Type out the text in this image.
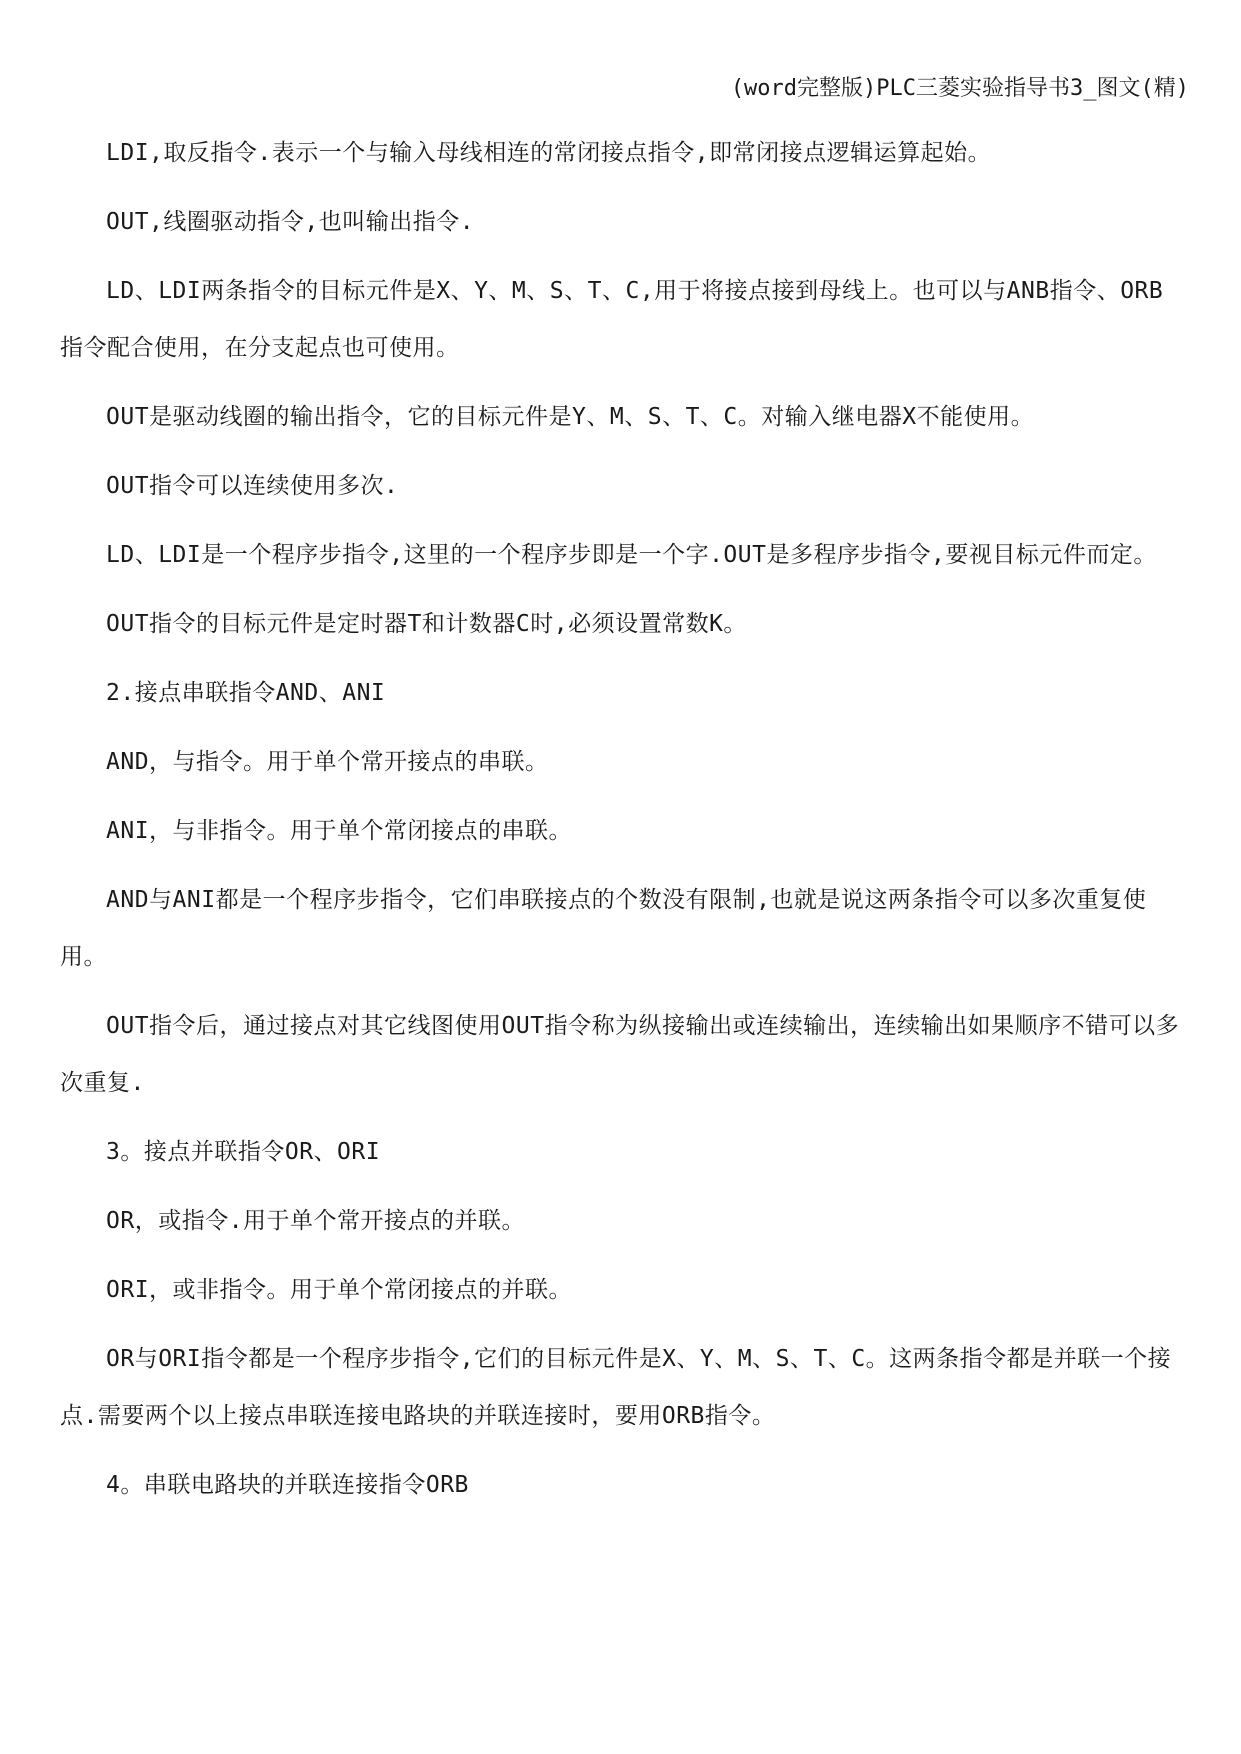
(word完整版)PLC三菱实验指导书3_图文(精)

LDI,取反指令.表示一个与输入母线相连的常闭接点指令,即常闭接点逻辑运算起始。

OUT,线圈驱动指令,也叫输出指令.

LD、LDI两条指令的目标元件是X、Y、M、S、T、C,用于将接点接到母线上。也可以与ANB指令、ORB指令配合使用，在分支起点也可使用。

OUT是驱动线圈的输出指令，它的目标元件是Y、M、S、T、C。对输入继电器X不能使用。

OUT指令可以连续使用多次.

LD、LDI是一个程序步指令,这里的一个程序步即是一个字.OUT是多程序步指令,要视目标元件而定。

OUT指令的目标元件是定时器T和计数器C时,必须设置常数K。

2.接点串联指令AND、ANI

AND，与指令。用于单个常开接点的串联。

ANI，与非指令。用于单个常闭接点的串联。

AND与ANI都是一个程序步指令，它们串联接点的个数没有限制,也就是说这两条指令可以多次重复使用。

OUT指令后，通过接点对其它线图使用OUT指令称为纵接输出或连续输出，连续输出如果顺序不错可以多次重复.

3。接点并联指令OR、ORI

OR，或指令.用于单个常开接点的并联。

ORI，或非指令。用于单个常闭接点的并联。

OR与ORI指令都是一个程序步指令,它们的目标元件是X、Y、M、S、T、C。这两条指令都是并联一个接点.需要两个以上接点串联连接电路块的并联连接时，要用ORB指令。

4。串联电路块的并联连接指令ORB
